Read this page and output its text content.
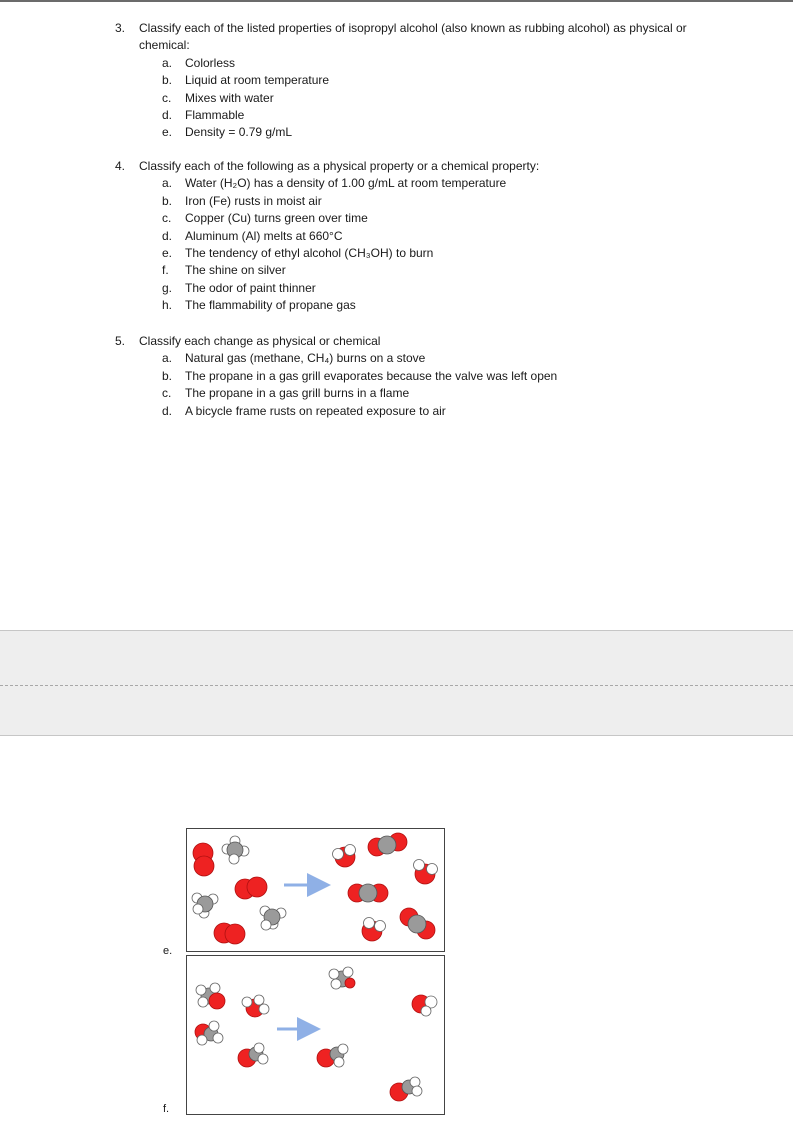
3.	Classify each of the listed properties of isopropyl alcohol (also known as rubbing alcohol) as physical or chemical:
a.	Colorless
b.	Liquid at room temperature
c.	Mixes with water
d.	Flammable
e.	Density = 0.79 g/mL
4.	Classify each of the following as a physical property or a chemical property:
a.	Water (H₂O) has a density of 1.00 g/mL at room temperature
b.	Iron (Fe) rusts in moist air
c.	Copper (Cu) turns green over time
d.	Aluminum (Al) melts at 660°C
e.	The tendency of ethyl alcohol (CH₃OH) to burn
f.	The shine on silver
g.	The odor of paint thinner
h.	The flammability of propane gas
5.	Classify each change as physical or chemical
a.	Natural gas (methane, CH₄) burns on a stove
b.	The propane in a gas grill evaporates because the valve was left open
c.	The propane in a gas grill burns in a flame
d.	A bicycle frame rusts on repeated exposure to air
e.
f.
